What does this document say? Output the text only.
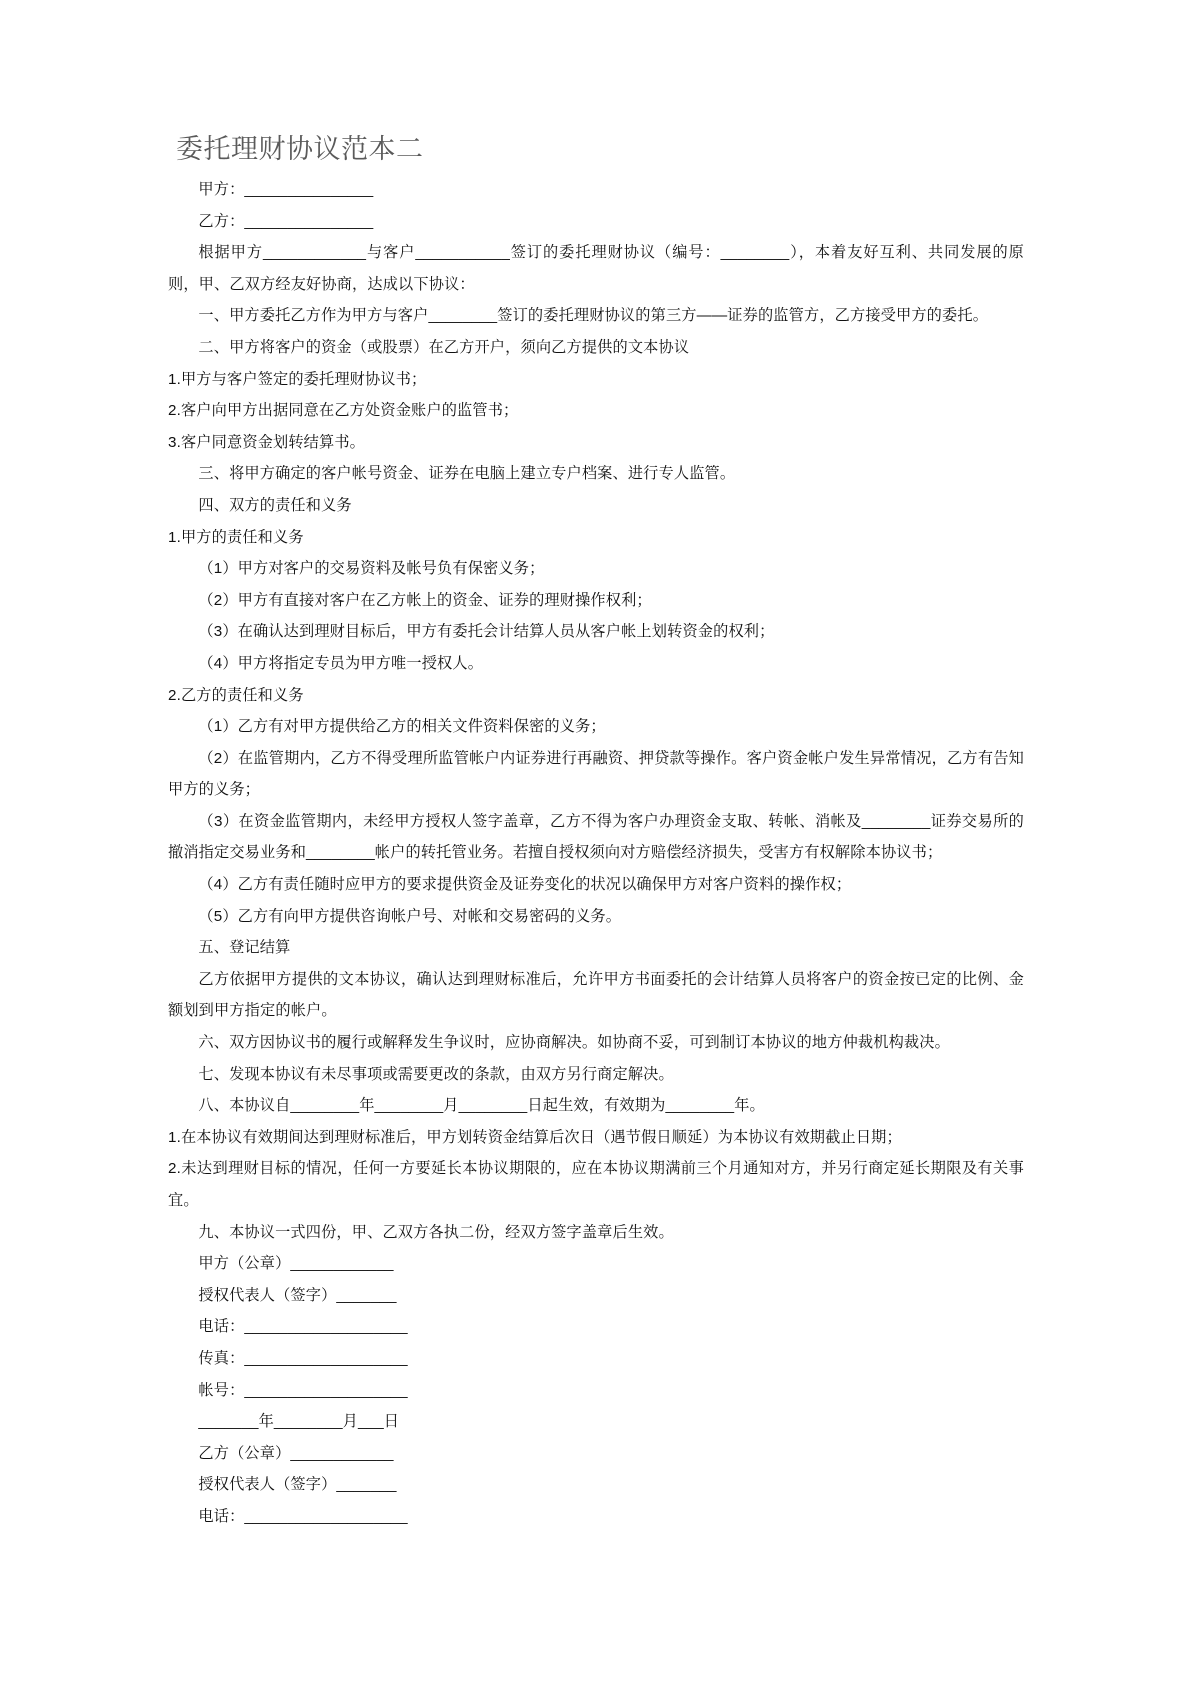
委托理财协议范本二

甲方：_______________

乙方：_______________

根据甲方____________与客户___________签订的委托理财协议（编号：________），本着友好互利、共同发展的原则，甲、乙双方经友好协商，达成以下协议：

一、甲方委托乙方作为甲方与客户________签订的委托理财协议的第三方——证券的监管方，乙方接受甲方的委托。

二、甲方将客户的资金（或股票）在乙方开户，须向乙方提供的文本协议

1.甲方与客户签定的委托理财协议书；

2.客户向甲方出据同意在乙方处资金账户的监管书；

3.客户同意资金划转结算书。

三、将甲方确定的客户帐号资金、证券在电脑上建立专户档案、进行专人监管。

四、双方的责任和义务

1.甲方的责任和义务

（1）甲方对客户的交易资料及帐号负有保密义务；

（2）甲方有直接对客户在乙方帐上的资金、证券的理财操作权利；

（3）在确认达到理财目标后，甲方有委托会计结算人员从客户帐上划转资金的权利；

（4）甲方将指定专员为甲方唯一授权人。

2.乙方的责任和义务

（1）乙方有对甲方提供给乙方的相关文件资料保密的义务；

（2）在监管期内，乙方不得受理所监管帐户内证券进行再融资、押贷款等操作。客户资金帐户发生异常情况，乙方有告知甲方的义务；

（3）在资金监管期内，未经甲方授权人签字盖章，乙方不得为客户办理资金支取、转帐、消帐及________证券交易所的撤消指定交易业务和________帐户的转托管业务。若擅自授权须向对方赔偿经济损失，受害方有权解除本协议书；

（4）乙方有责任随时应甲方的要求提供资金及证券变化的状况以确保甲方对客户资料的操作权；

（5）乙方有向甲方提供咨询帐户号、对帐和交易密码的义务。

五、登记结算

乙方依据甲方提供的文本协议，确认达到理财标准后，允许甲方书面委托的会计结算人员将客户的资金按已定的比例、金额划到甲方指定的帐户。

六、双方因协议书的履行或解释发生争议时，应协商解决。如协商不妥，可到制订本协议的地方仲裁机构裁决。

七、发现本协议有未尽事项或需要更改的条款，由双方另行商定解决。

八、本协议自________年________月________日起生效，有效期为________年。

1.在本协议有效期间达到理财标准后，甲方划转资金结算后次日（遇节假日顺延）为本协议有效期截止日期；

2.未达到理财目标的情况，任何一方要延长本协议期限的，应在本协议期满前三个月通知对方，并另行商定延长期限及有关事宜。

九、本协议一式四份，甲、乙双方各执二份，经双方签字盖章后生效。

甲方（公章）____________

授权代表人（签字）_______

电话：___________________

传真：___________________

帐号：___________________

_______年________月___日

乙方（公章）____________

授权代表人（签字）_______

电话：___________________
